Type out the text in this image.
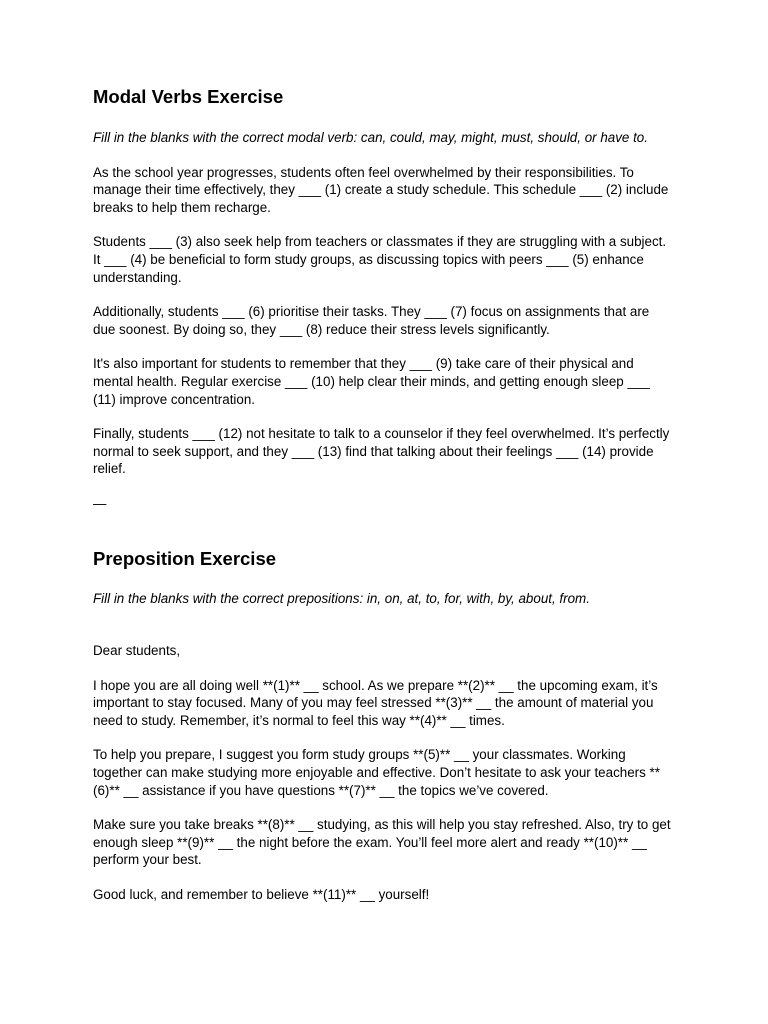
Modal Verbs Exercise

Fill in the blanks with the correct modal verb: can, could, may, might, must, should, or have to.

As the school year progresses, students often feel overwhelmed by their responsibilities. To manage their time effectively, they ___ (1) create a study schedule. This schedule ___ (2) include breaks to help them recharge.

Students ___ (3) also seek help from teachers or classmates if they are struggling with a subject. It ___ (4) be beneficial to form study groups, as discussing topics with peers ___ (5) enhance understanding.

Additionally, students ___ (6) prioritise their tasks. They ___ (7) focus on assignments that are due soonest. By doing so, they ___ (8) reduce their stress levels significantly.

It's also important for students to remember that they ___ (9) take care of their physical and mental health. Regular exercise ___ (10) help clear their minds, and getting enough sleep ___ (11) improve concentration.

Finally, students ___ (12) not hesitate to talk to a counselor if they feel overwhelmed. It’s perfectly normal to seek support, and they ___ (13) find that talking about their feelings ___ (14) provide relief.

—

Preposition Exercise

Fill in the blanks with the correct prepositions: in, on, at, to, for, with, by, about, from.

Dear students,

I hope you are all doing well **(1)** __ school. As we prepare **(2)** __ the upcoming exam, it’s important to stay focused. Many of you may feel stressed **(3)** __ the amount of material you need to study. Remember, it’s normal to feel this way **(4)** __ times.

To help you prepare, I suggest you form study groups **(5)** __ your classmates. Working together can make studying more enjoyable and effective. Don’t hesitate to ask your teachers **(6)** __ assistance if you have questions **(7)** __ the topics we’ve covered.

Make sure you take breaks **(8)** __ studying, as this will help you stay refreshed. Also, try to get enough sleep **(9)** __ the night before the exam. You’ll feel more alert and ready **(10)** __ perform your best.

Good luck, and remember to believe **(11)** __ yourself!
